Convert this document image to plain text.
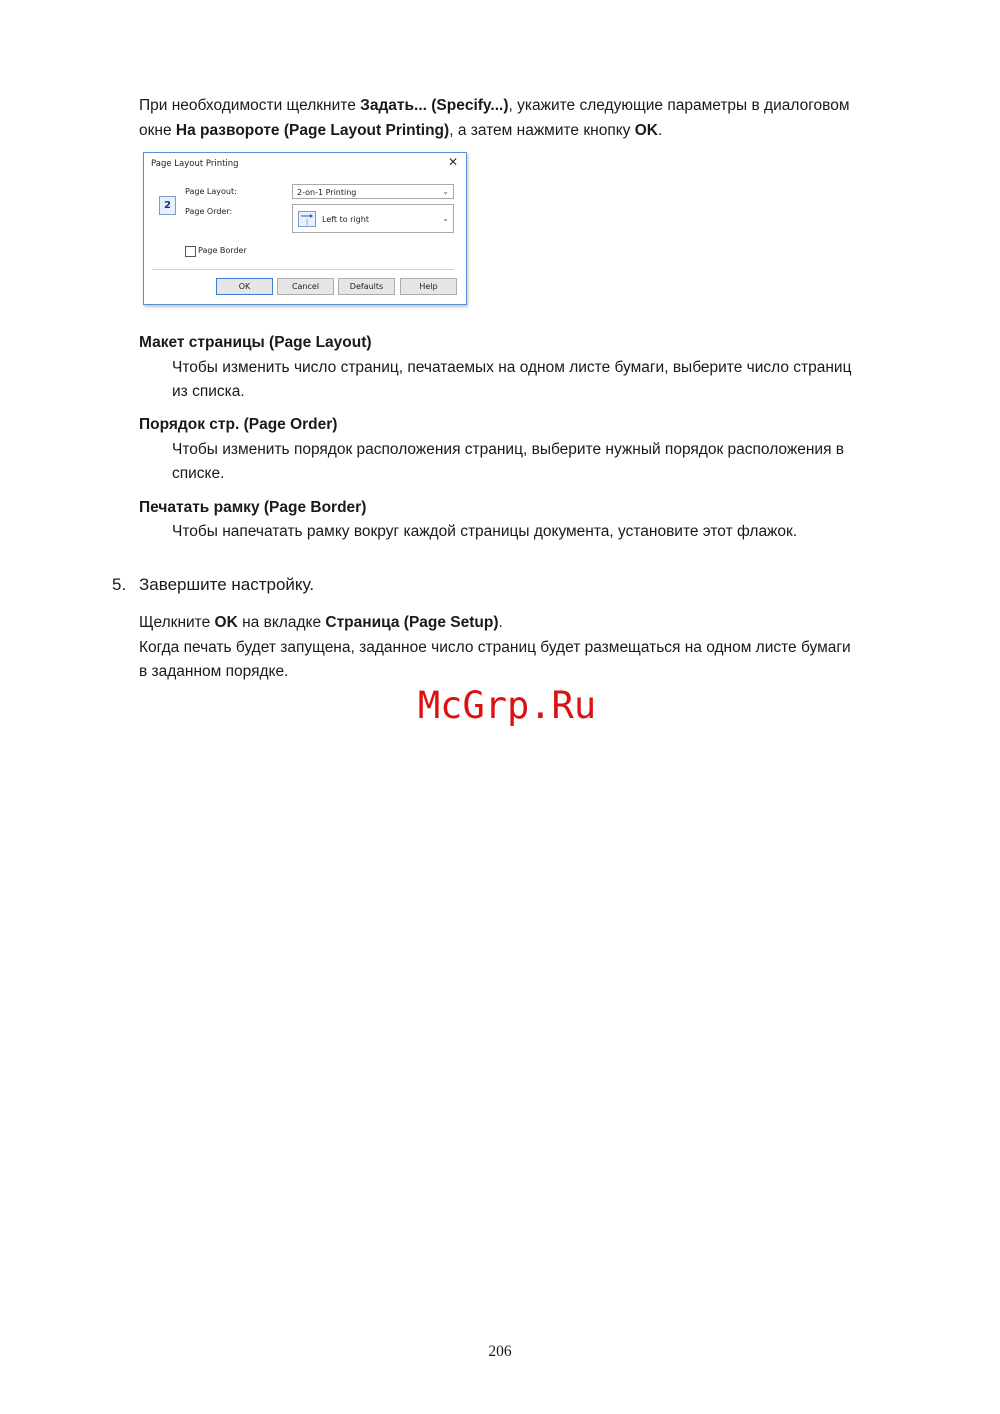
При необходимости щелкните Задать... (Specify...), укажите следующие параметры в диалоговом

окне На развороте (Page Layout Printing), а затем нажмите кнопку OK.

Page Layout Printing	✕
2
Page Layout:	2-on-1 Printing	⌄
Page Order:
Left to right	⌄
Page Border
OK	Cancel	Defaults	Help

Макет страницы (Page Layout)

Чтобы изменить число страниц, печатаемых на одном листе бумаги, выберите число страниц

из списка.

Порядок стр. (Page Order)

Чтобы изменить порядок расположения страниц, выберите нужный порядок расположения в

списке.

Печатать рамку (Page Border)

Чтобы напечатать рамку вокруг каждой страницы документа, установите этот флажок.

5. Завершите настройку.

Щелкните OK на вкладке Страница (Page Setup).

Когда печать будет запущена, заданное число страниц будет размещаться на одном листе бумаги

в заданном порядке.

McGrp.Ru
206
